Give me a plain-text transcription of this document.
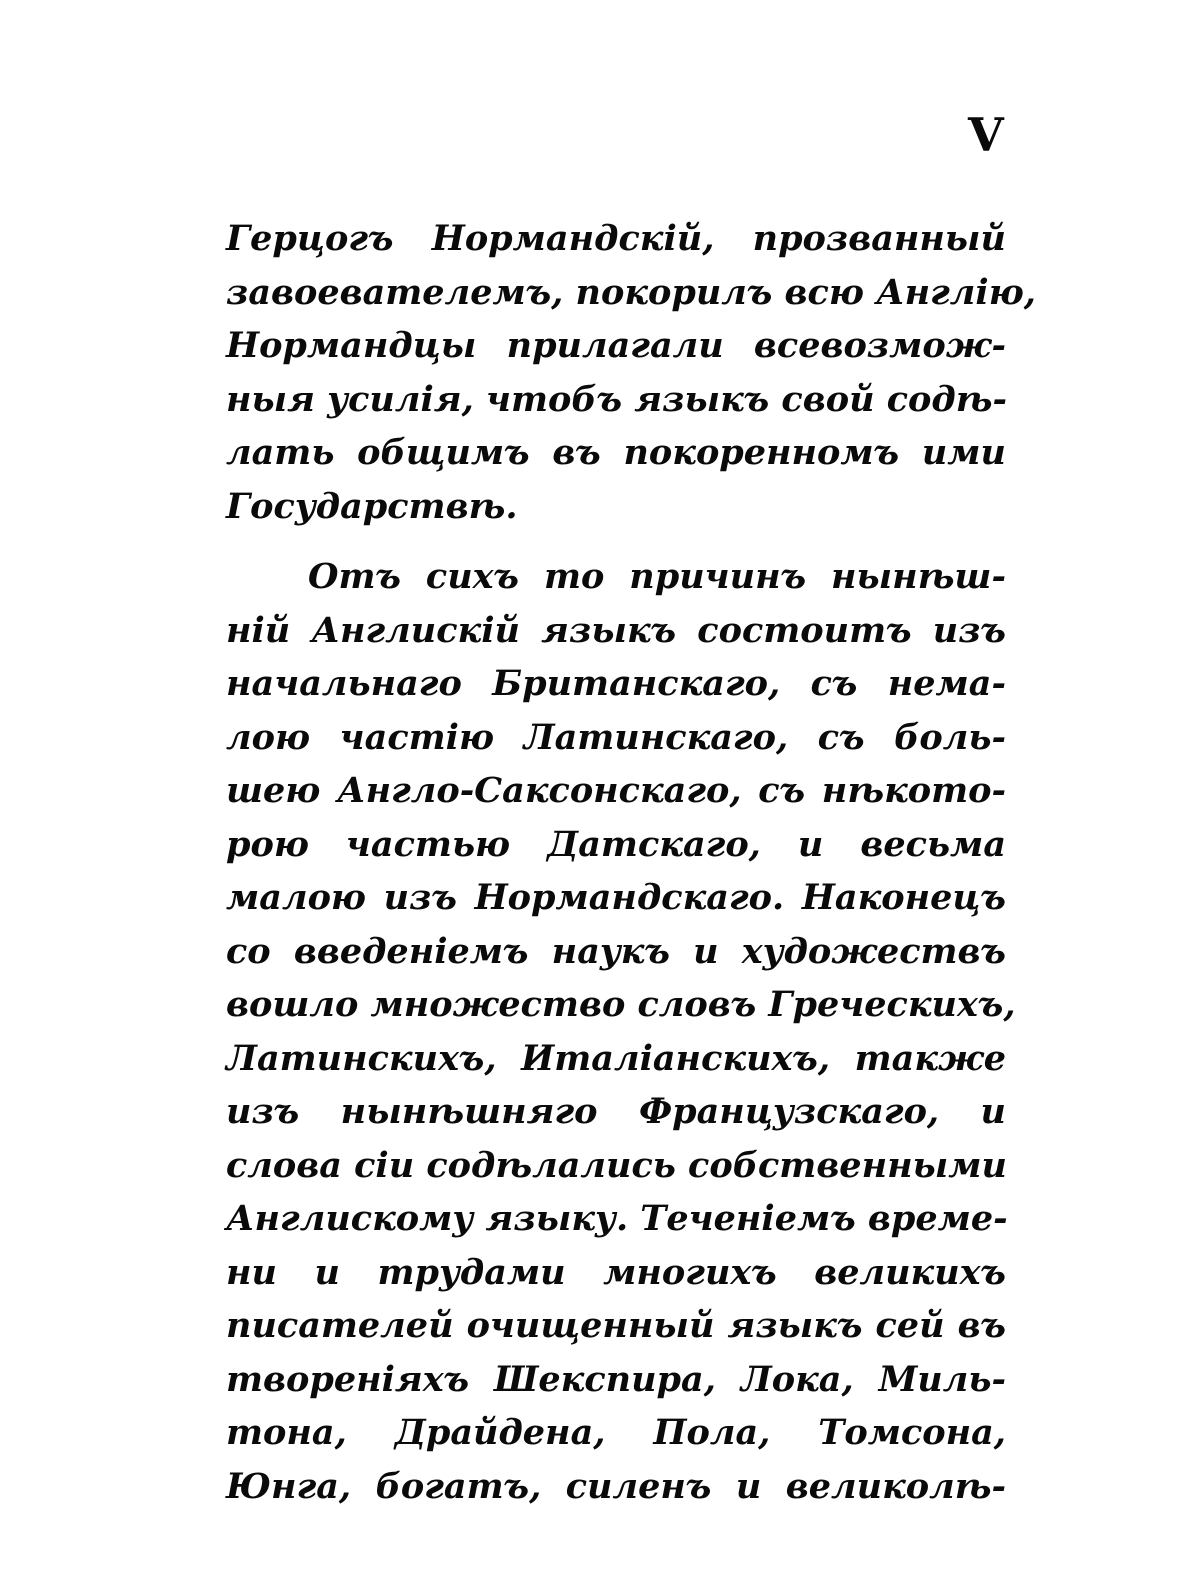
V
Герцогъ Нормандскій, прозванный
завоевателемъ, покорилъ всю Англію,
Нормандцы прилагали всевозмож-
ныя усилія, чтобъ языкъ свой содѣ-
лать общимъ въ покоренномъ ими
Государствѣ.
Отъ сихъ то причинъ нынѣш-
ній Англискій языкъ состоитъ изъ
начальнаго Британскаго, съ нема-
лою частію Латинскаго, съ боль-
шею Англо-Саксонскаго, съ нѣкото-
рою частью Датскаго, и весьма
малою изъ Нормандскаго. Наконецъ
со введеніемъ наукъ и художествъ
вошло множество словъ Греческихъ,
Латинскихъ, Италіанскихъ, также
изъ нынѣшняго Французскаго, и
слова сіи содѣлались собственными
Англискому языку. Теченіемъ време-
ни и трудами многихъ великихъ
писателей очищенный языкъ сей въ
твореніяхъ Шекспира, Лока, Миль-
тона, Драйдена, Пола, Томсона,
Юнга, богатъ, силенъ и великолѣ-
